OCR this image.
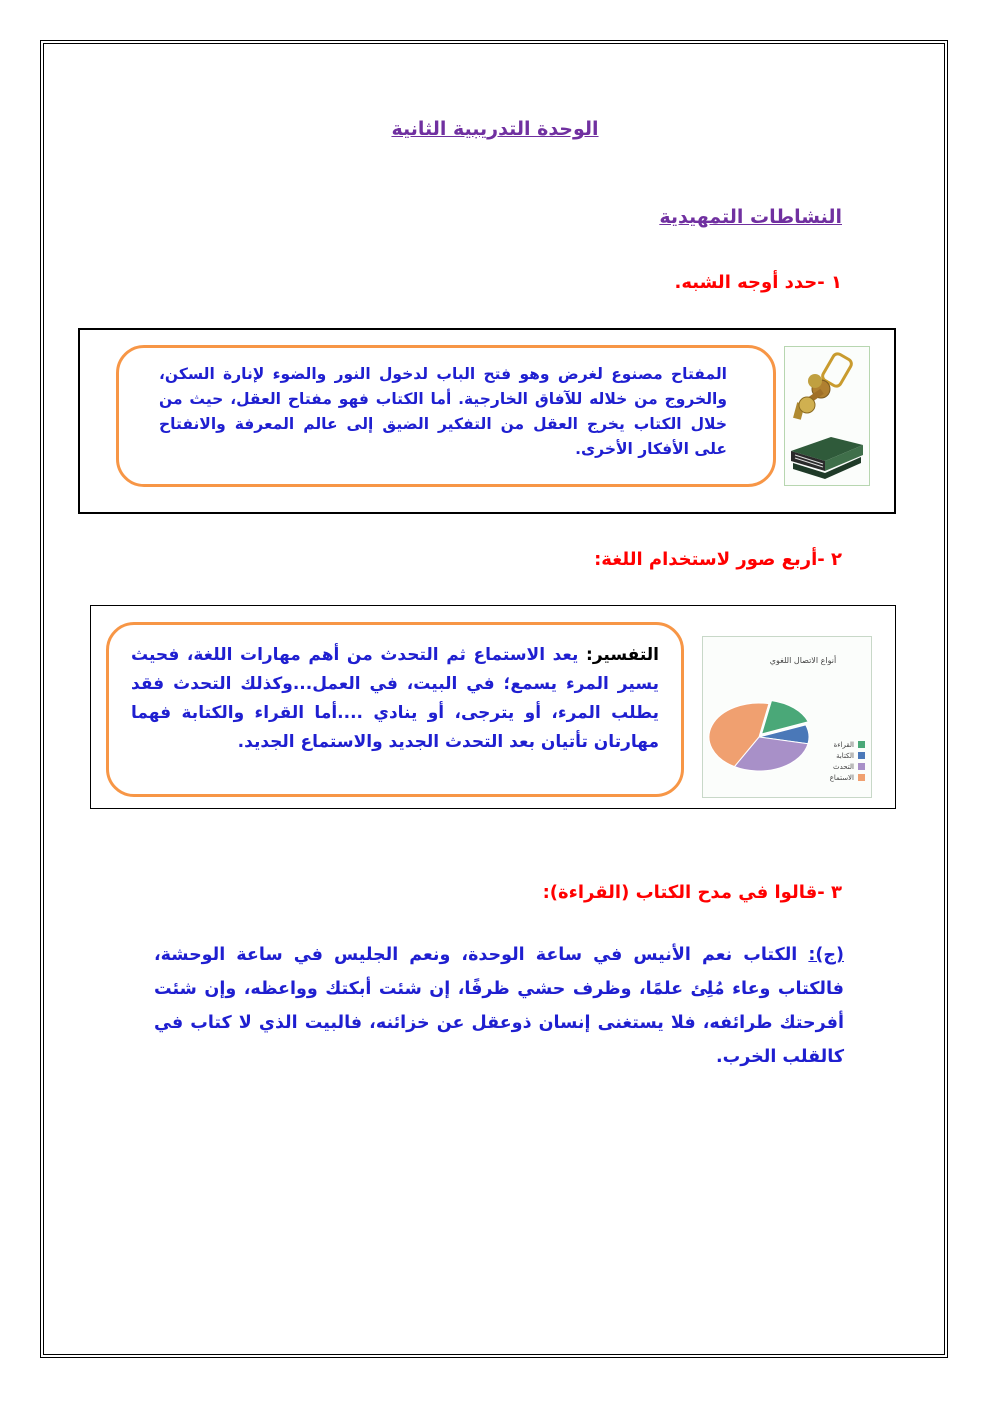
الوحدة التدريبية الثانية
النشاطات التمهيدية
١ -حدد أوجه الشبه.
المفتاح مصنوع لغرض وهو فتح الباب لدخول النور والضوء لإنارة السكن، والخروج من خلاله للآفاق الخارجية. أما الكتاب فهو مفتاح العقل، حيث من خلال الكتاب يخرج العقل من التفكير الضيق إلى عالم المعرفة والانفتاح على الأفكار الأخرى.
٢ -أربع صور لاستخدام اللغة:
التفسير: يعد الاستماع ثم التحدث من أهم مهارات اللغة، فحيث يسير المرء يسمع؛ في البيت، في العمل...وكذلك التحدث فقد يطلب المرء، أو يترجى، أو ينادي ....أما القراء والكتابة فهما مهارتان تأتيان بعد التحدث الجديد والاستماع الجديد.
أنواع الاتصال اللغوي
القراءة
الكتابة
التحدث
الاستماع
٣ -قالوا في مدح الكتاب (القراءة):
(ج): الكتاب نعم الأنيس في ساعة الوحدة، ونعم الجليس في ساعة الوحشة، فالكتاب وعاء مُلِئ علمًا، وظرف حشي ظرفًا، إن شئت أبكتك وواعظه، وإن شئت أفرحتك طرائفه، فلا يستغنى إنسان ذوعقل عن خزائنه، فالبيت الذي لا كتاب في كالقلب الخرب.
